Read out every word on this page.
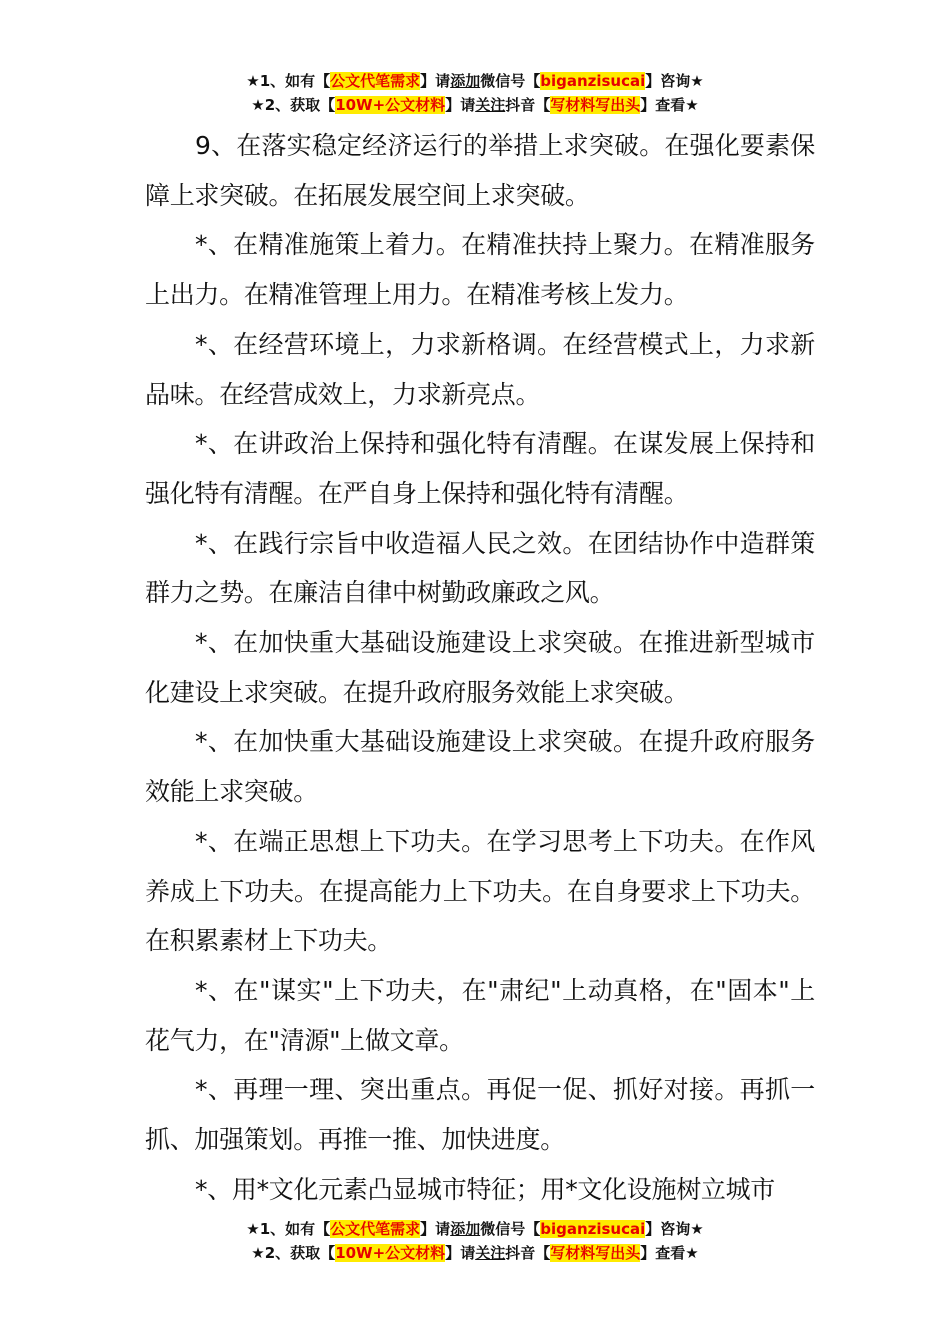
★1、如有【公文代笔需求】请添加微信号【biganzisucai】咨询★
★2、获取【10W+公文材料】请关注抖音【写材料写出头】查看★

9、在落实稳定经济运行的举措上求突破。在强化要素保障上求突破。在拓展发展空间上求突破。

*、在精准施策上着力。在精准扶持上聚力。在精准服务上出力。在精准管理上用力。在精准考核上发力。

*、在经营环境上，力求新格调。在经营模式上，力求新品味。在经营成效上，力求新亮点。

*、在讲政治上保持和强化特有清醒。在谋发展上保持和强化特有清醒。在严自身上保持和强化特有清醒。

*、在践行宗旨中收造福人民之效。在团结协作中造群策群力之势。在廉洁自律中树勤政廉政之风。

*、在加快重大基础设施建设上求突破。在推进新型城市化建设上求突破。在提升政府服务效能上求突破。

*、在加快重大基础设施建设上求突破。在提升政府服务效能上求突破。

*、在端正思想上下功夫。在学习思考上下功夫。在作风养成上下功夫。在提高能力上下功夫。在自身要求上下功夫。在积累素材上下功夫。

*、在"谋实"上下功夫，在"肃纪"上动真格，在"固本"上花气力，在"清源"上做文章。

*、再理一理、突出重点。再促一促、抓好对接。再抓一抓、加强策划。再推一推、加快进度。

*、用*文化元素凸显城市特征；用*文化设施树立城市

★1、如有【公文代笔需求】请添加微信号【biganzisucai】咨询★
★2、获取【10W+公文材料】请关注抖音【写材料写出头】查看★
